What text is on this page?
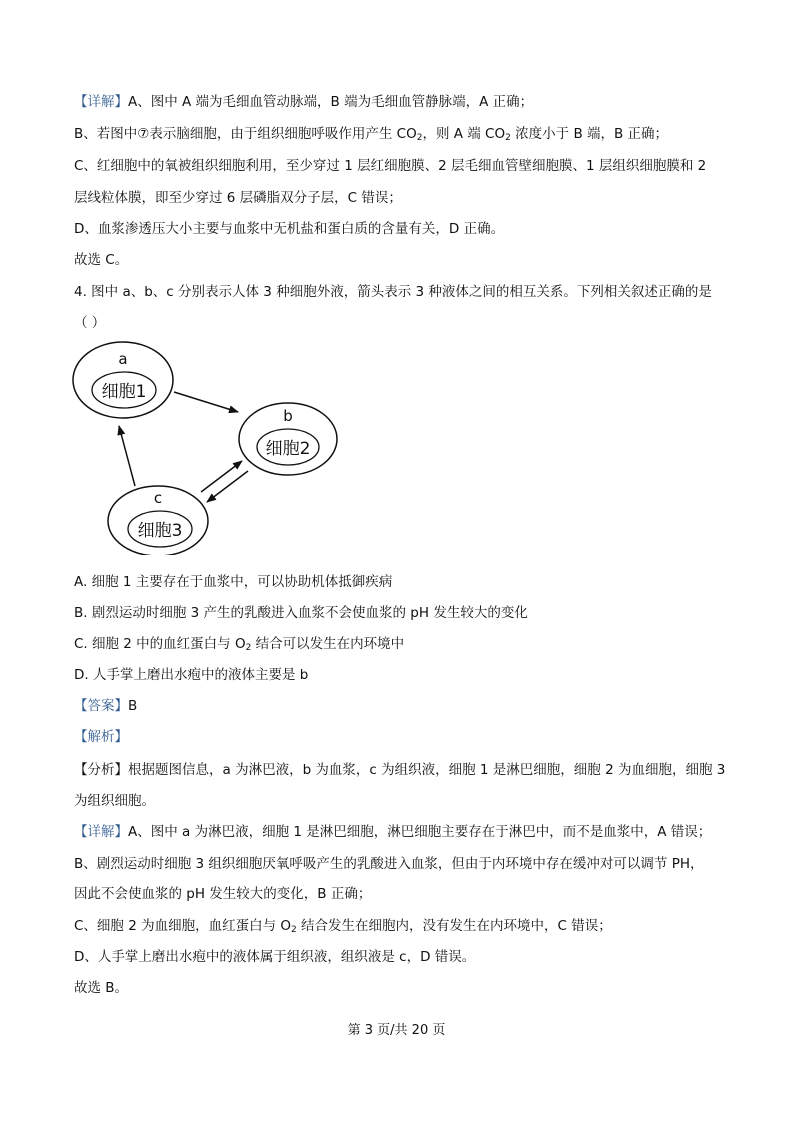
【详解】A、图中 A 端为毛细血管动脉端，B 端为毛细血管静脉端，A 正确；
B、若图中⑦表示脑细胞，由于组织细胞呼吸作用产生 $CO_2$，则 A 端 $CO_2$ 浓度小于 B 端，B 正确；
C、红细胞中的氧被组织细胞利用，至少穿过 1 层红细胞膜、2 层毛细血管壁细胞膜、1 层组织细胞膜和 2
层线粒体膜，即至少穿过 6 层磷脂双分子层，C 错误；
D、血浆渗透压大小主要与血浆中无机盐和蛋白质的含量有关，D 正确。
故选 C。
4. 图中 a、b、c 分别表示人体 3 种细胞外液，箭头表示 3 种液体之间的相互关系。下列相关叙述正确的是
（ ）
a
细胞1
b
细胞2
c
细胞3
A. 细胞 1 主要存在于血浆中，可以协助机体抵御疾病
B. 剧烈运动时细胞 3 产生的乳酸进入血浆不会使血浆的 pH 发生较大的变化
C. 细胞 2 中的血红蛋白与 $O_2$ 结合可以发生在内环境中
D. 人手掌上磨出水疱中的液体主要是 b
【答案】B
【解析】
【分析】根据题图信息，a 为淋巴液，b 为血浆，c 为组织液，细胞 1 是淋巴细胞，细胞 2 为血细胞，细胞 3
为组织细胞。
【详解】A、图中 a 为淋巴液，细胞 1 是淋巴细胞，淋巴细胞主要存在于淋巴中，而不是血浆中，A 错误；
B、剧烈运动时细胞 3 组织细胞厌氧呼吸产生的乳酸进入血浆，但由于内环境中存在缓冲对可以调节 PH，
因此不会使血浆的 pH 发生较大的变化，B 正确；
C、细胞 2 为血细胞，血红蛋白与 $O_2$ 结合发生在细胞内，没有发生在内环境中，C 错误；
D、人手掌上磨出水疱中的液体属于组织液，组织液是 c，D 错误。
故选 B。
第 3 页/共 20 页
